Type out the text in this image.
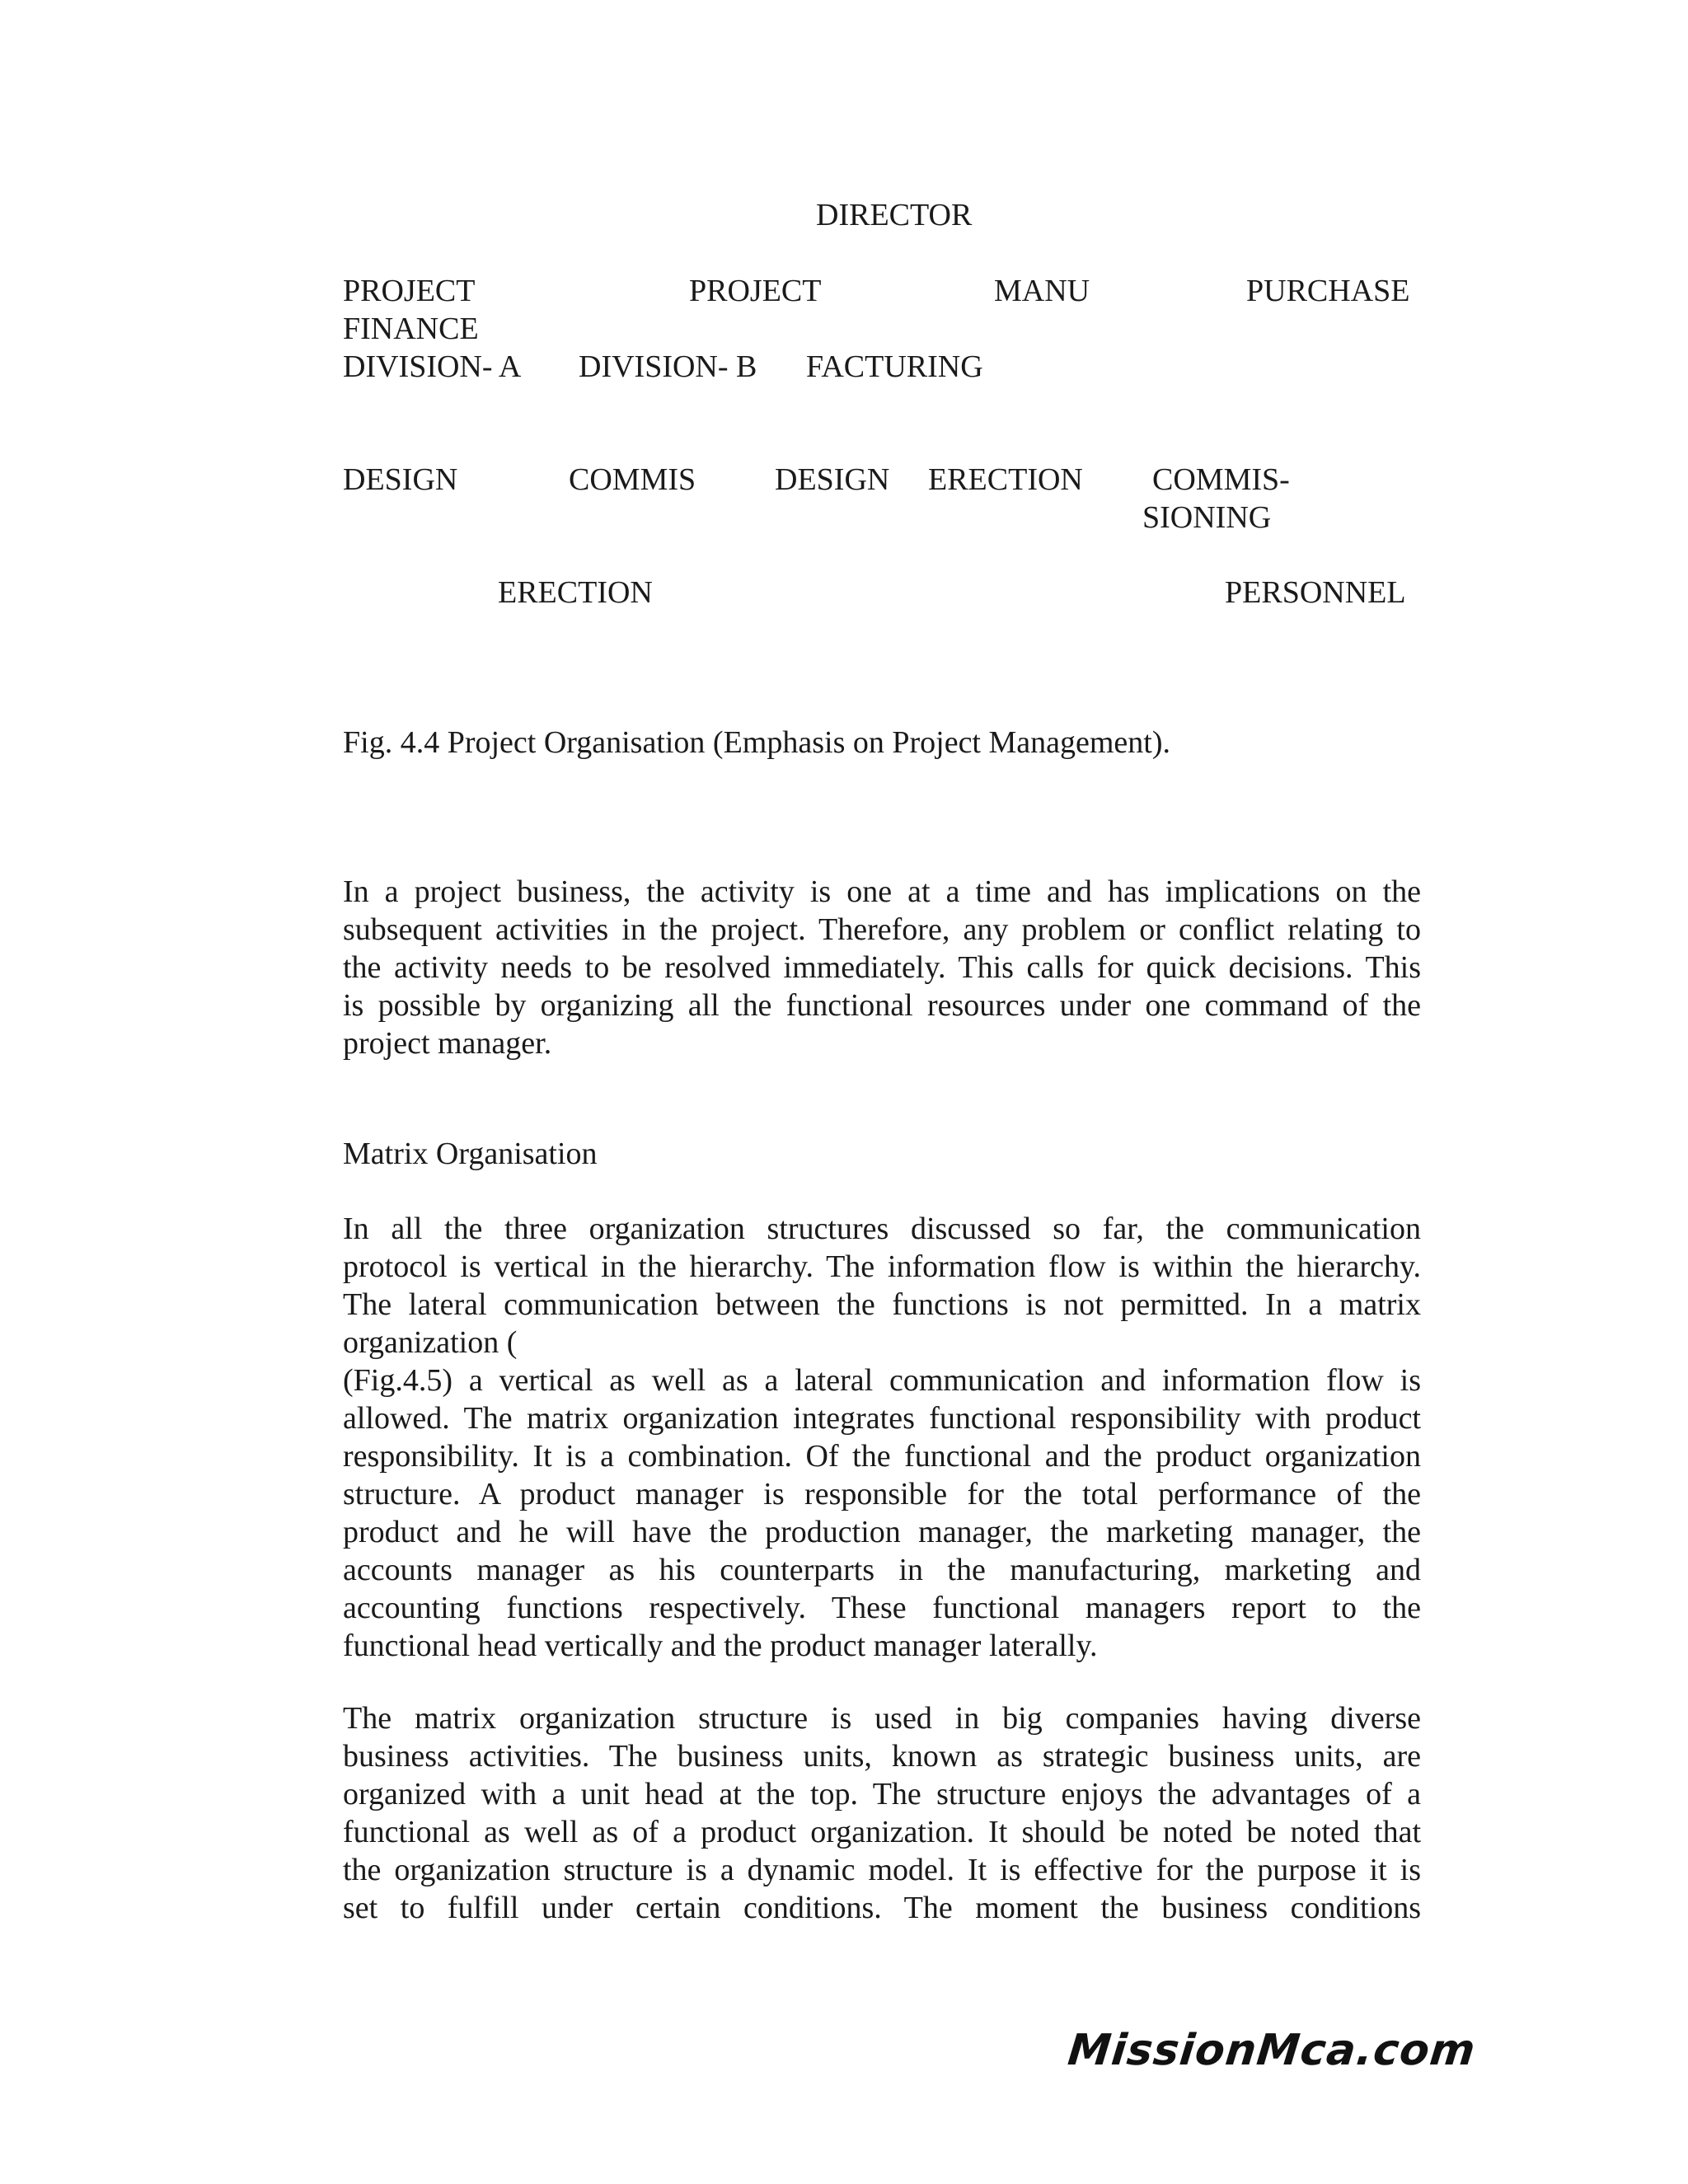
DIRECTOR
PROJECT	PROJECT	MANU	PURCHASE
FINANCE
DIVISION- A DIVISION- B FACTURING
DESIGN	COMMIS	DESIGN ERECTION COMMIS-
SIONING
ERECTION	PERSONNEL
Fig. 4.4 Project Organisation (Emphasis on Project Management).
In a project business, the activity is one at a time and has implications on the
subsequent activities in the project. Therefore, any problem or conflict relating to
the activity needs to be resolved immediately. This calls for quick decisions. This
is possible by organizing all the functional resources under one command of the
project manager.
Matrix Organisation
In all the three organization structures discussed so far, the communication
protocol is vertical in the hierarchy. The information flow is within the hierarchy.
The lateral communication between the functions is not permitted. In a matrix
organization (
(Fig.4.5) a vertical as well as a lateral communication and information flow is
allowed. The matrix organization integrates functional responsibility with product
responsibility. It is a combination. Of the functional and the product organization
structure. A product manager is responsible for the total performance of the
product and he will have the production manager, the marketing manager, the
accounts manager as his counterparts in the manufacturing, marketing and
accounting functions respectively. These functional managers report to the
functional head vertically and the product manager laterally.
The matrix organization structure is used in big companies having diverse
business activities. The business units, known as strategic business units, are
organized with a unit head at the top. The structure enjoys the advantages of a
functional as well as of a product organization. It should be noted be noted that
the organization structure is a dynamic model. It is effective for the purpose it is
set to fulfill under certain conditions. The moment the business conditions
MissionMca.com
